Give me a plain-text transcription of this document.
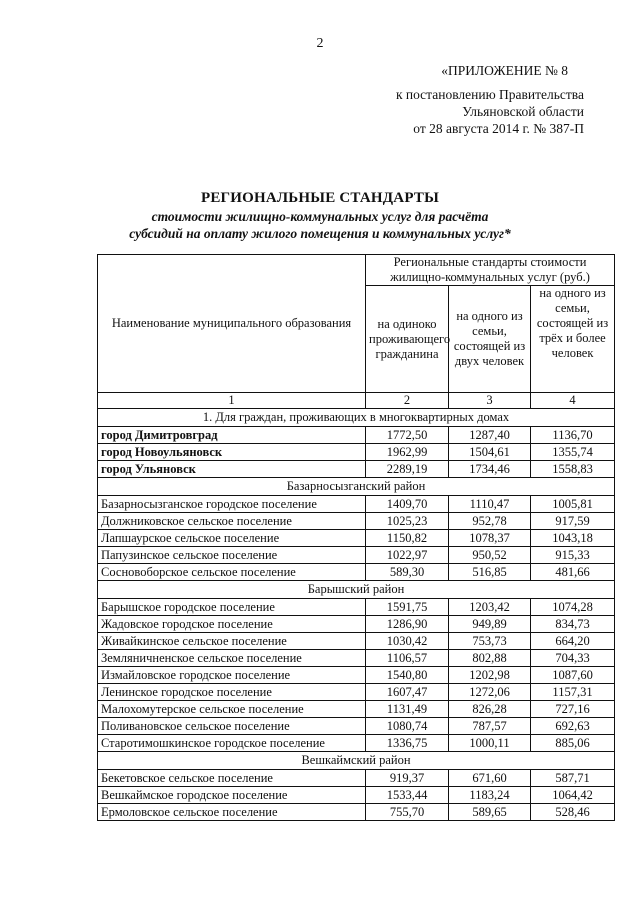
2
«ПРИЛОЖЕНИЕ № 8
к постановлению Правительства
Ульяновской области
от 28 августа 2014 г. № 387-П
РЕГИОНАЛЬНЫЕ СТАНДАРТЫ
стоимости жилищно-коммунальных услуг для расчёта
субсидий на оплату жилого помещения и коммунальных услуг*
Наименование муниципального образования	Региональные стандарты стоимости жилищно-коммунальных услуг (руб.)		
	на одиноко проживающего гражданина	на одного из семьи, состоящей из двух человек	на одного из семьи, состоящей из трёх и более человек
1	2	3	4
1. Для граждан, проживающих в многоквартирных домах			
город Димитровград	1772,50	1287,40	1136,70
город Новоульяновск	1962,99	1504,61	1355,74
город Ульяновск	2289,19	1734,46	1558,83
Базарносызганский район			
Базарносызганское городское поселение	1409,70	1110,47	1005,81
Должниковское сельское поселение	1025,23	952,78	917,59
Лапшаурское сельское поселение	1150,82	1078,37	1043,18
Папузинское сельское поселение	1022,97	950,52	915,33
Сосновоборское сельское поселение	589,30	516,85	481,66
Барышский район			
Барышское городское поселение	1591,75	1203,42	1074,28
Жадовское городское поселение	1286,90	949,89	834,73
Живайкинское сельское поселение	1030,42	753,73	664,20
Земляничненское сельское поселение	1106,57	802,88	704,33
Измайловское городское поселение	1540,80	1202,98	1087,60
Ленинское городское поселение	1607,47	1272,06	1157,31
Малохомутерское сельское поселение	1131,49	826,28	727,16
Поливановское сельское поселение	1080,74	787,57	692,63
Старотимошкинское городское поселение	1336,75	1000,11	885,06
Вешкаймский район			
Бекетовское сельское поселение	919,37	671,60	587,71
Вешкаймское городское поселение	1533,44	1183,24	1064,42
Ермоловское сельское поселение	755,70	589,65	528,46
